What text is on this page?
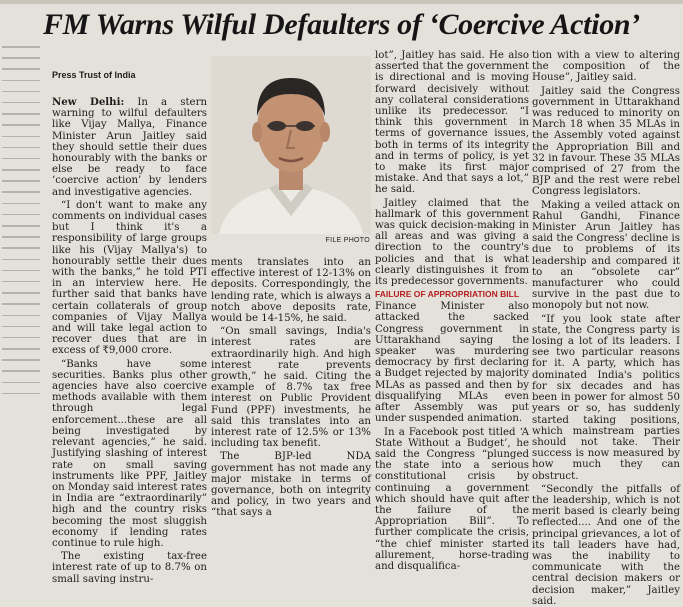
FM Warns Wilful Defaulters of ‘Coercive Action’
Press Trust of India

New Delhi: In a stern warning to wilful defaulters like Vijay Mallya, Finance Minister Arun Jaitley said they should settle their dues honourably with the banks or else be ready to face ‘coercive action’ by lenders and investigative agencies.

“I don't want to make any comments on individual cases but I think it's a responsibility of large groups like his (Vijay Mallya's) to honourably settle their dues with the banks,” he told PTI in an interview here. He further said that banks have certain collaterals of group companies of Vijay Mallya and will take legal action to recover dues that are in excess of ₹9,000 crore.

“Banks have some securities. Banks plus other agencies have also coercive methods available with them through legal enforcement...these are all being investigated by relevant agencies,” he said. Justifying slashing of interest rate on small saving instruments like PPF, Jaitley on Monday said interest rates in India are “extraordinarily” high and the country risks becoming the most sluggish economy if lending rates continue to rule high.

The existing tax-free interest rate of up to 8.7% on small saving instru-

FILE PHOTO

ments translates into an effective interest of 12-13% on deposits. Correspondingly, the lending rate, which is always a notch above deposits rate, would be 14-15%, he said.

“On small savings, India's interest rates are extraordinarily high. And high interest rate prevents growth,” he said. Citing the example of 8.7% tax free interest on Public Provident Fund (PPF) investments, he said this translates into an interest rate of 12.5% or 13% including tax benefit.

The BJP-led NDA government has not made any major mistake in terms of governance, both on integrity and policy, in two years and “that says a

lot”, Jaitley has said. He also asserted that the government is directional and is moving forward decisively without any collateral considerations unlike its predecessor. “I think this government in terms of governance issues, both in terms of its integrity and in terms of policy, is yet to make its first major mistake. And that says a lot,” he said.

Jaitley claimed that the hallmark of this government was quick decision-making in all areas and was giving a direction to the country's policies and that is what clearly distinguishes it from its predecessor governments.

FAILURE OF APPROPRIATION BILL

Finance Minister also attacked the sacked Congress government in Uttarakhand saying the speaker was murdering democracy by first declaring a Budget rejected by majority MLAs as passed and then by disqualifying MLAs even after Assembly was put under suspended animation.

In a Facebook post titled ‘A State Without a Budget’, he said the Congress “plunged the state into a serious constitutional crisis by continuing a government which should have quit after the failure of the Appropriation Bill”. To further complicate the crisis, “the chief minister started allurement, horse-trading and disqualifica-

tion with a view to altering the composition of the House”, Jaitley said.

Jaitley said the Congress government in Uttarakhand was reduced to minority on March 18 when 35 MLAs in the Assembly voted against the Appropriation Bill and 32 in favour. These 35 MLAs comprised of 27 from the BJP and the rest were rebel Congress legislators.

Making a veiled attack on Rahul Gandhi, Finance Minister Arun Jaitley has said the Congress' decline is due to problems of its leadership and compared it to an “obsolete car” manufacturer who could survive in the past due to monopoly but not now.

“If you look state after state, the Congress party is losing a lot of its leaders. I see two particular reasons for it. A party, which has dominated India's politics for six decades and has been in power for almost 50 years or so, has suddenly started taking positions, which mainstream parties should not take. Their success is now measured by how much they can obstruct.

“Secondly the pitfalls of the leadership, which is not merit based is clearly being reflected.... And one of the principal grievances, a lot of its tall leaders have had, was the inability to communicate with the central decision makers or decision maker,” Jaitley said.
